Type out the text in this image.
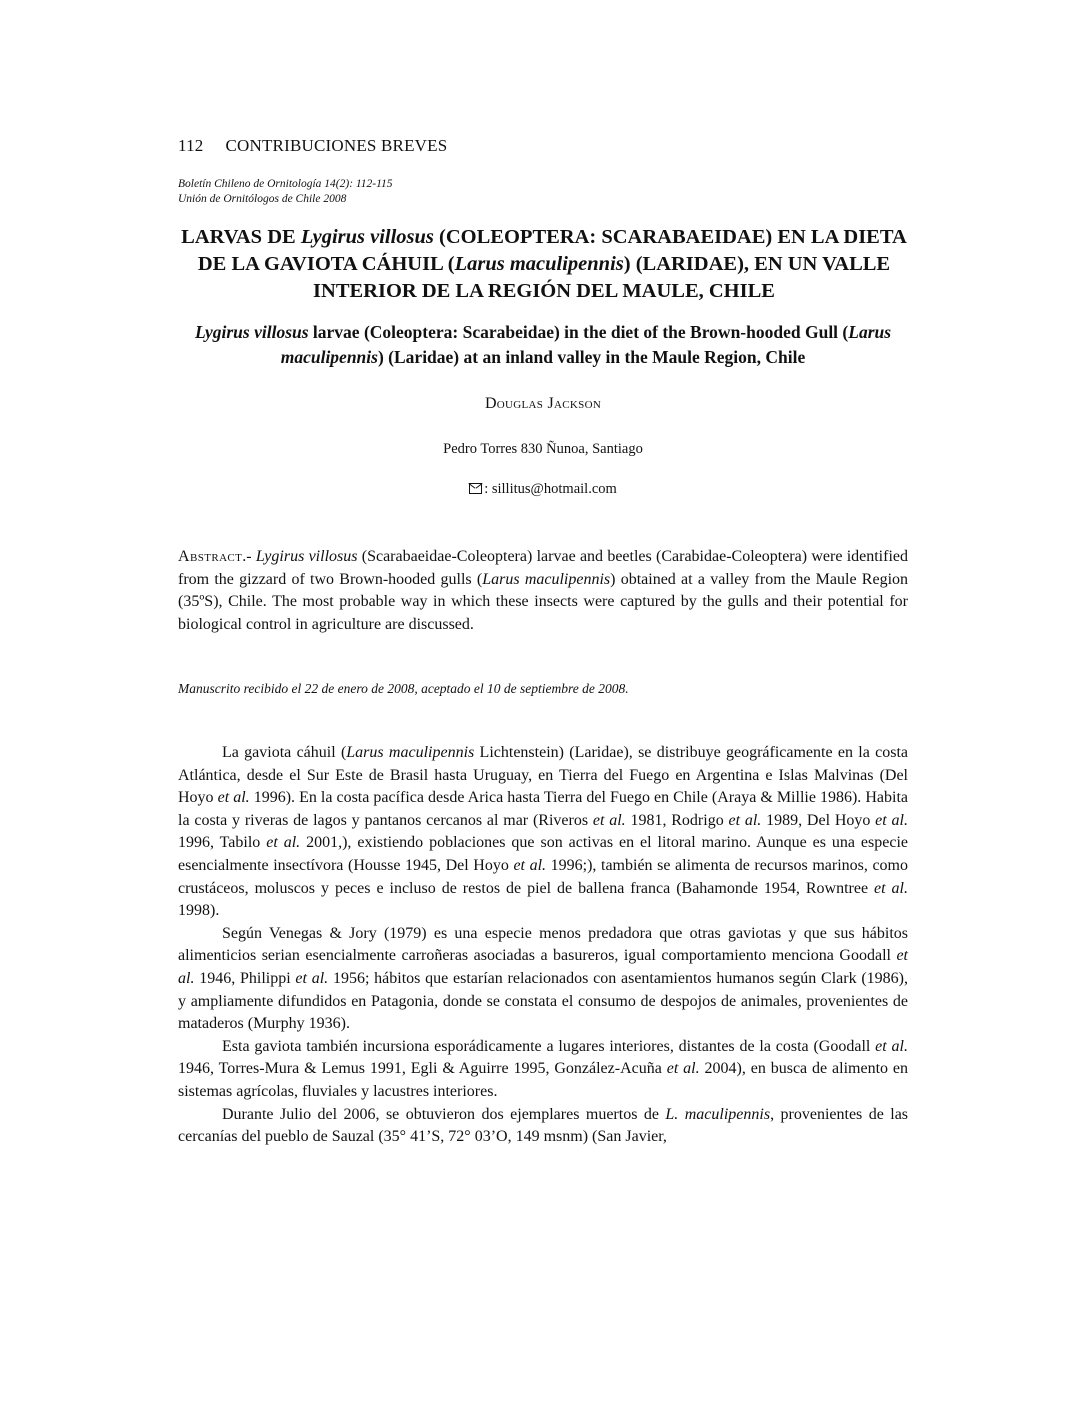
112 CONTRIBUCIONES BREVES
Boletín Chileno de Ornitología 14(2): 112-115
Unión de Ornitólogos de Chile 2008
LARVAS DE Lygirus villosus (COLEOPTERA: SCARABAEIDAE) EN LA DIETA DE LA GAVIOTA CÁHUIL (Larus maculipennis) (LARIDAE), EN UN VALLE INTERIOR DE LA REGIÓN DEL MAULE, CHILE
Lygirus villosus larvae (Coleoptera: Scarabeidae) in the diet of the Brown-hooded Gull (Larus maculipennis) (Laridae) at an inland valley in the Maule Region, Chile
Douglas Jackson
Pedro Torres 830 Ñunoa, Santiago
: sillitus@hotmail.com
Abstract.- Lygirus villosus (Scarabaeidae-Coleoptera) larvae and beetles (Carabidae-Coleoptera) were identified from the gizzard of two Brown-hooded gulls (Larus maculipennis) obtained at a valley from the Maule Region (35ºS), Chile. The most probable way in which these insects were captured by the gulls and their potential for biological control in agriculture are discussed.
Manuscrito recibido el 22 de enero de 2008, aceptado el 10 de septiembre de 2008.

La gaviota cáhuil (Larus maculipennis Lichtenstein) (Laridae), se distribuye geográficamente en la costa Atlántica, desde el Sur Este de Brasil hasta Uruguay, en Tierra del Fuego en Argentina e Islas Malvinas (Del Hoyo et al. 1996). En la costa pacífica desde Arica hasta Tierra del Fuego en Chile (Araya & Millie 1986). Habita la costa y riveras de lagos y pantanos cercanos al mar (Riveros et al. 1981, Rodrigo et al. 1989, Del Hoyo et al. 1996, Tabilo et al. 2001,), existiendo poblaciones que son activas en el litoral marino. Aunque es una especie esencialmente insectívora (Housse 1945, Del Hoyo et al. 1996;), también se alimenta de recursos marinos, como crustáceos, moluscos y peces e incluso de restos de piel de ballena franca (Bahamonde 1954, Rowntree et al. 1998).

Según Venegas & Jory (1979) es una especie menos predadora que otras gaviotas y que sus hábitos alimenticios serian esencialmente carroñeras asociadas a basureros, igual comportamiento menciona Goodall et al. 1946, Philippi et al. 1956; hábitos que estarían relacionados con asentamientos humanos según Clark (1986), y ampliamente difundidos en Patagonia, donde se constata el consumo de despojos de animales, provenientes de mataderos (Murphy 1936).

Esta gaviota también incursiona esporádicamente a lugares interiores, distantes de la costa (Goodall et al. 1946, Torres-Mura & Lemus 1991, Egli & Aguirre 1995, González-Acuña et al. 2004), en busca de alimento en sistemas agrícolas, fluviales y lacustres interiores.

Durante Julio del 2006, se obtuvieron dos ejemplares muertos de L. maculipennis, provenientes de las cercanías del pueblo de Sauzal (35° 41’S, 72° 03’O, 149 msnm) (San Javier,
